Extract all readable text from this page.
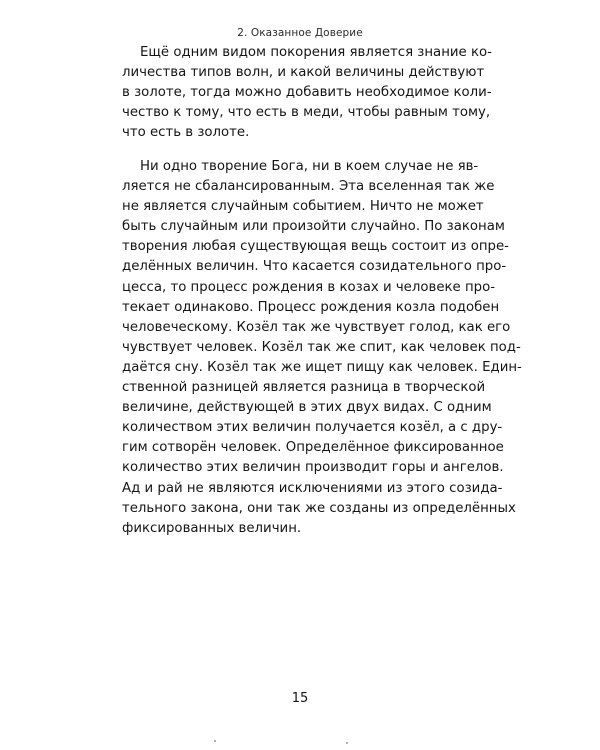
2. Оказанное Доверие
Ещё одним видом покорения является знание ко-
личества типов волн, и какой величины действуют
в золоте, тогда можно добавить необходимое коли-
чество к тому, что есть в меди, чтобы равным тому,
что есть в золоте.
Ни одно творение Бога, ни в коем случае не яв-
ляется не сбалансированным. Эта вселенная так же
не является случайным событием. Ничто не может
быть случайным или произойти случайно. По законам
творения любая существующая вещь состоит из опре-
делённых величин. Что касается созидательного про-
цесса, то процесс рождения в козах и человеке про-
текает одинаково. Процесс рождения козла подобен
человеческому. Козёл так же чувствует голод, как его
чувствует человек. Козёл так же спит, как человек под-
даётся сну. Козёл так же ищет пищу как человек. Един-
ственной разницей является разница в творческой
величине, действующей в этих двух видах. С одним
количеством этих величин получается козёл, а с дру-
гим сотворён человек. Определённое фиксированное
количество этих величин производит горы и ангелов.
Ад и рай не являются исключениями из этого созида-
тельного закона, они так же созданы из определённых
фиксированных величин.
15
